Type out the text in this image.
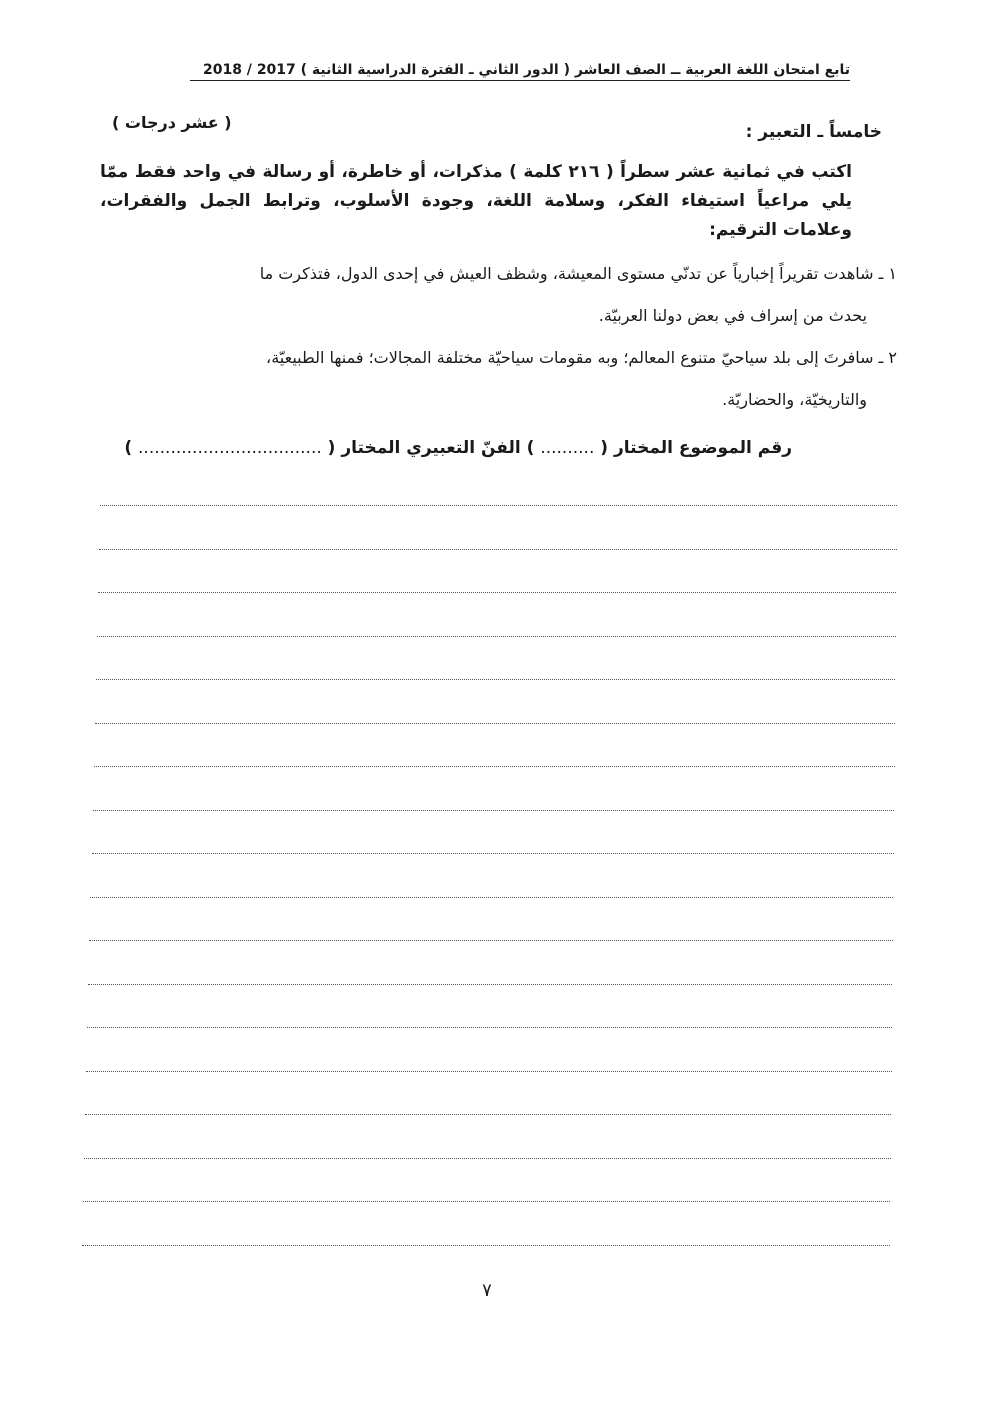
تابع امتحان اللغة العربية ــ الصف العاشر ( الدور الثاني ـ الفترة الدراسية الثانية ) 2017 / 2018
( عشر درجات )	خامساً ـ التعبير :
اكتب في ثمانية عشر سطراً ( ٢١٦ كلمة ) مذكرات، أو خاطرة، أو رسالة في واحد فقط ممّا يلي مراعياً استيفاء الفكر، وسلامة اللغة، وجودة الأسلوب، وترابط الجمل والفقرات، وعلامات الترقيم:
١ ـ شاهدت تقريراً إخبارياً عن تدنّي مستوى المعيشة، وشظف العيش في إحدى الدول، فتذكرت ما
يحدث من إسراف في بعض دولنا العربيّة.
٢ ـ سافرتَ إلى بلد سياحيّ متنوع المعالم؛ وبه مقومات سياحيّة مختلفة المجالات؛ فمنها الطبيعيّة،
والتاريخيّة، والحضاريّة.
رقم الموضوع المختار ( .......... ) الفنّ التعبيري المختار ( .................................. )
٧
